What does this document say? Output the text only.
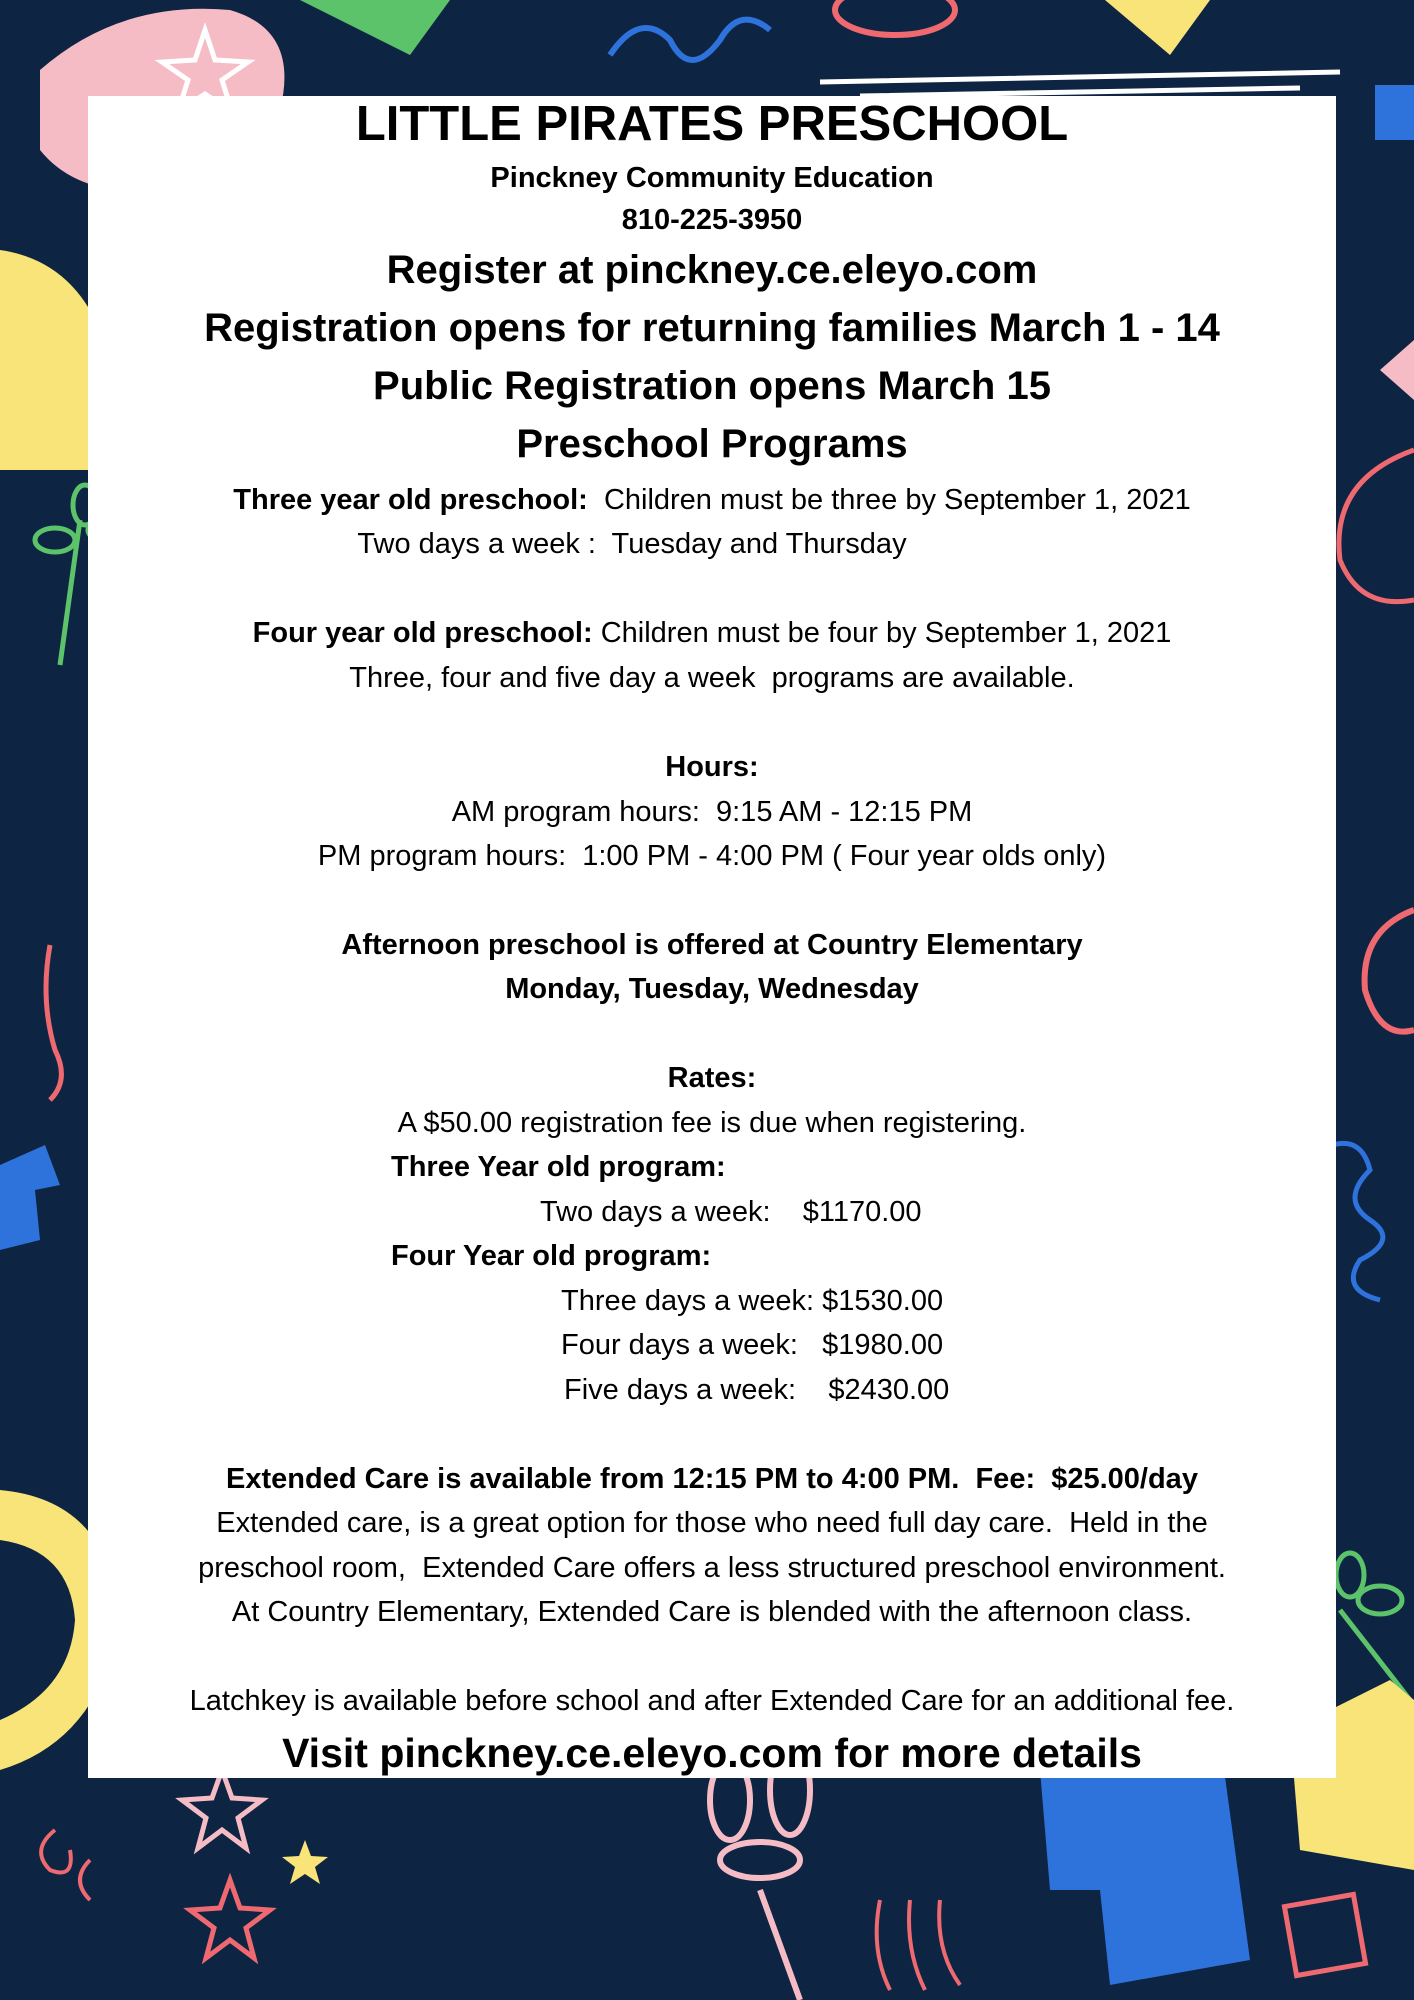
LITTLE PIRATES PRESCHOOL
Pinckney Community Education
810-225-3950
Register at pinckney.ce.eleyo.com
Registration opens for returning families March 1 - 14
Public Registration opens March 15
Preschool Programs
Three year old preschool: Children must be three by September 1, 2021
Two days a week :  Tuesday and Thursday
Four year old preschool: Children must be four by September 1, 2021
Three, four and five day a week  programs are available.
Hours:
AM program hours:  9:15 AM - 12:15 PM
PM program hours:  1:00 PM - 4:00 PM ( Four year olds only)
Afternoon preschool is offered at Country Elementary
Monday, Tuesday, Wednesday
Rates:
A $50.00 registration fee is due when registering.
Three Year old program:
Two days a week: $1170.00
Four Year old program:
Three days a week: $1530.00
Four days a week: $1980.00
Five days a week: $2430.00
Extended Care is available from 12:15 PM to 4:00 PM.  Fee:  $25.00/day
Extended care, is a great option for those who need full day care.  Held in the
preschool room,  Extended Care offers a less structured preschool environment.
At Country Elementary, Extended Care is blended with the afternoon class.
Latchkey is available before school and after Extended Care for an additional fee.
Visit pinckney.ce.eleyo.com for more details
